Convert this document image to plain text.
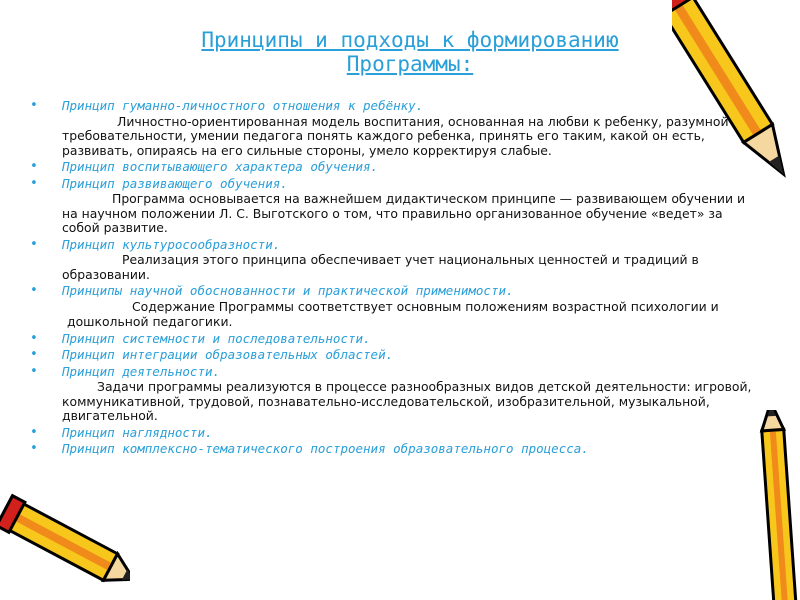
Принципы и подходы к формированию
Программы:
•	Принцип гуманно-личностного отношения к ребёнку.
Личностно-ориентированная модель воспитания, основанная на любви к ребенку, разумной требовательности, умении педагога понять каждого ребенка, принять его таким, какой он есть, развивать, опираясь на его сильные стороны, умело корректируя слабые.
•	Принцип воспитывающего характера обучения.
•	Принцип развивающего обучения.
Программа основывается на важнейшем дидактическом принципе — развивающем обучении и на научном положении Л. С. Выготского о том, что правильно организованное обучение «ведет» за собой развитие.
•	Принцип культуросообразности.
Реализация этого принципа обеспечивает учет национальных ценностей и традиций в образовании.
•	Принципы научной обоснованности и практической применимости.
Содержание Программы соответствует основным положениям возрастной психологии и
дошкольной педагогики.
•	Принцип системности и последовательности.
•	Принцип интеграции образовательных областей.
•	Принцип деятельности.
Задачи программы реализуются в процессе разнообразных видов детской деятельности: игровой, коммуникативной, трудовой, познавательно-исследовательской, изобразительной, музыкальной, двигательной.
•	Принцип наглядности.
•	Принцип комплексно-тематического построения образовательного процесса.
